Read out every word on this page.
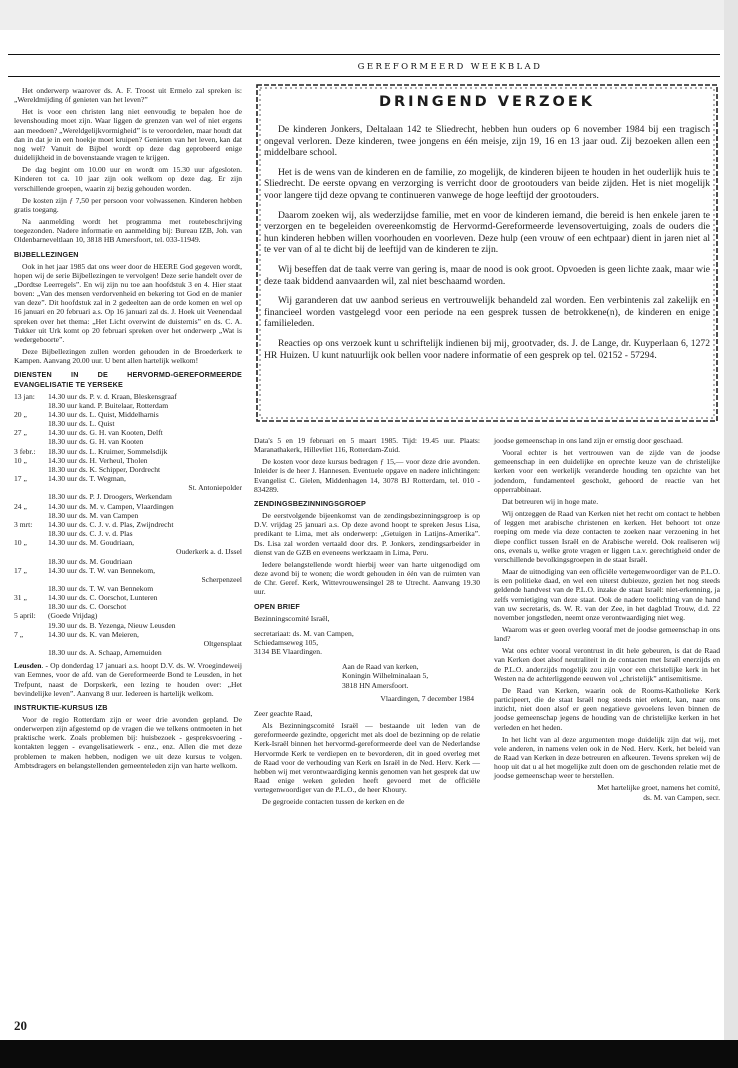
GEREFORMEERD WEEKBLAD

Het onderwerp waarover ds. A. F. Troost uit Ermelo zal spreken is: „Wereldmijding óf genieten van het leven?”

Het is voor een christen lang niet eenvoudig te bepalen hoe de levenshouding moet zijn. Waar liggen de grenzen van wel of niet ergens aan meedoen? „Wereldgelijkvormigheid” is te veroordelen, maar houdt dat dan in dat je in een hoekje moet kruipen? Genieten van het leven, kan dat nog wel? Vanuit de Bijbel wordt op deze dag geprobeerd enige duidelijkheid in de bovenstaande vragen te krijgen.

De dag begint om 10.00 uur en wordt om 15.30 uur afgesloten. Kinderen tot ca. 10 jaar zijn ook welkom op deze dag. Er zijn verschillende groepen, waarin zij bezig gehouden worden.

De kosten zijn ƒ 7,50 per persoon voor volwassenen. Kinderen hebben gratis toegang.

Na aanmelding wordt het programma met routebeschrijving toegezonden. Nadere informatie en aanmelding bij: Bureau IZB, Joh. van Oldenbarneveltlaan 10, 3818 HB Amersfoort, tel. 033-11949.

BIJBELLEZINGEN

Ook in het jaar 1985 dat ons weer door de HEERE God gegeven wordt, hopen wij de serie Bijbellezingen te vervolgen! Deze serie handelt over de „Dordtse Leerregels”. En wij zijn nu toe aan hoofdstuk 3 en 4. Hier staat boven: „Van des mensen verdorvenheid en bekering tot God en de manier van deze”. Dit hoofdstuk zal in 2 gedeelten aan de orde komen en wel op 16 januari en 20 februari a.s. Op 16 januari zal ds. J. Hoek uit Veenendaal spreken over het thema: „Het Licht overwint de duisternis” en ds. C. A. Tukker uit Urk komt op 20 februari spreken over het onderwerp „Wat is wedergeboorte”.

Deze Bijbellezingen zullen worden gehouden in de Broederkerk te Kampen. Aanvang 20.00 uur. U bent allen hartelijk welkom!

DIENSTEN IN DE HERVORMD-GEREFORMEERDE EVANGELISATIE TE YERSEKE
13 jan:	14.30 uur ds. P. v. d. Kraan, Bleskensgraaf
18.30 uur kand. P. Buitelaar, Rotterdam
20 „	14.30 uur ds. L. Quist, Middelharnis
18.30 uur ds. L. Quist
27 „	14.30 uur ds. G. H. van Kooten, Delft
18.30 uur ds. G. H. van Kooten
3 febr.:	18.30 uur ds. L. Kruimer, Sommelsdijk
10 „	14.30 uur ds. H. Verheul, Tholen
18.30 uur ds. K. Schipper, Dordrecht
17 „	14.30 uur ds. T. Wegman,
St. Antoniepolder
18.30 uur ds. P. J. Droogers, Werkendam
24 „	14.30 uur ds. M. v. Campen, Vlaardingen
18.30 uur ds. M. van Campen
3 mrt:	14.30 uur ds. C. J. v. d. Plas, Zwijndrecht
18.30 uur ds. C. J. v. d. Plas
10 „	14.30 uur ds. M. Goudriaan,
Ouderkerk a. d. IJssel
18.30 uur ds. M. Goudriaan
17 „	14.30 uur ds. T. W. van Bennekom,
Scherpenzeel
18.30 uur ds. T. W. van Bennekom
31 „	14.30 uur ds. C. Oorschot, Lunteren
18.30 uur ds. C. Oorschot
5 april:	(Goede Vrijdag)
19.30 uur ds. B. Yezenga, Nieuw Leusden
7 „	14.30 uur ds. K. van Meieren,
Oltgensplaat
18.30 uur ds. A. Schaap, Arnemuiden

Leusden. - Op donderdag 17 januari a.s. hoopt D.V. ds. W. Vroegindeweij van Eemnes, voor de afd. van de Gereformeerde Bond te Leusden, in het Trefpunt, naast de Dorpskerk, een lezing te houden over: „Het bevindelijke leven”. Aanvang 8 uur. Iedereen is hartelijk welkom.

INSTRUKTIE-KURSUS IZB

Voor de regio Rotterdam zijn er weer drie avonden gepland. De onderwerpen zijn afgestemd op de vragen die we telkens ontmoeten in het praktische werk. Zoals problemen bij: huisbezoek - gespreksvoering - kontakten leggen - evangelisatiewerk - enz., enz. Allen die met deze problemen te maken hebben, nodigen we uit deze kursus te volgen. Ambtsdragers en belangstellenden gemeenteleden zijn van harte welkom.

DRINGEND VERZOEK

De kinderen Jonkers, Deltalaan 142 te Sliedrecht, hebben hun ouders op 6 november 1984 bij een tragisch ongeval verloren. Deze kinderen, twee jongens en één meisje, zijn 19, 16 en 13 jaar oud. Zij bezoeken allen een middelbare school.

Het is de wens van de kinderen en de familie, zo mogelijk, de kinderen bijeen te houden in het ouderlijk huis te Sliedrecht. De eerste opvang en verzorging is verricht door de grootouders van beide zijden. Het is niet mogelijk voor langere tijd deze opvang te continueren vanwege de hoge leeftijd der grootouders.

Daarom zoeken wij, als wederzijdse familie, met en voor de kinderen iemand, die bereid is hen enkele jaren te verzorgen en te begeleiden overeenkomstig de Hervormd-Gereformeerde levensovertuiging, zoals de ouders die hun kinderen hebben willen voorhouden en voorleven. Deze hulp (een vrouw of een echtpaar) dient in jaren niet al te ver van of al te dicht bij de leeftijd van de kinderen te zijn.

Wij beseffen dat de taak verre van gering is, maar de nood is ook groot. Opvoeden is geen lichte zaak, maar wie deze taak biddend aanvaarden wil, zal niet beschaamd worden.

Wij garanderen dat uw aanbod serieus en vertrouwelijk behandeld zal worden. Een verbintenis zal zakelijk en financieel worden vastgelegd voor een periode na een gesprek tussen de betrokkene(n), de kinderen en enige familieleden.

Reacties op ons verzoek kunt u schriftelijk indienen bij mij, grootvader, ds. J. de Lange, dr. Kuyperlaan 6, 1272 HR Huizen. U kunt natuurlijk ook bellen voor nadere informatie of een gesprek op tel. 02152 - 57294.

Data's 5 en 19 februari en 5 maart 1985. Tijd: 19.45 uur. Plaats: Maranathakerk, Hillevliet 116, Rotterdam-Zuid.

De kosten voor deze kursus bedragen ƒ 15,— voor deze drie avonden. Inleider is de heer J. Hannesen. Eventuele opgave en nadere inlichtingen: Evangelist C. Gielen, Middenhagen 14, 3078 BJ Rotterdam, tel. 010 - 834289.

ZENDINGSBEZINNINGSGROEP

De eerstvolgende bijeenkomst van de zendingsbezinningsgroep is op D.V. vrijdag 25 januari a.s. Op deze avond hoopt te spreken Jesus Lisa, predikant te Lima, met als onderwerp: „Getuigen in Latijns-Amerika”. Ds. Lisa zal worden vertaald door drs. P. Jonkers, zendingsarbeider in dienst van de GZB en eveneens werkzaam in Lima, Peru.

Iedere belangstellende wordt hierbij weer van harte uitgenodigd om deze avond bij te wonen; die wordt gehouden in één van de ruimten van de Chr. Geref. Kerk, Wittevrouwensingel 28 te Utrecht. Aanvang 19.30 uur.

OPEN BRIEF
Bezinningscomité Israël,
secretariaat: ds. M. van Campen,
Schiedamseweg 105,
3134 BE Vlaardingen.
Aan de Raad van kerken,
Koningin Wilhelminalaan 5,
3818 HN Amersfoort.
Vlaardingen, 7 december 1984

Zeer geachte Raad,

Als Bezinningscomité Israël — bestaande uit leden van de gereformeerde gezindte, opgericht met als doel de bezinning op de relatie Kerk-Israël binnen het hervormd-gereformeerde deel van de Nederlandse Hervormde Kerk te verdiepen en te bevorderen, dit in goed overleg met de Raad voor de verhouding van Kerk en Israël in de Ned. Herv. Kerk — hebben wij met verontwaardiging kennis genomen van het gesprek dat uw Raad enige weken geleden heeft gevoerd met de officiële vertegenwoordiger van de P.L.O., de heer Khoury.

De gegroeide contacten tussen de kerken en de

joodse gemeenschap in ons land zijn er ernstig door geschaad.

Vooral echter is het vertrouwen van de zijde van de joodse gemeenschap in een duidelijke en oprechte keuze van de christelijke kerken voor een werkelijk veranderde houding ten opzichte van het jodendom, fundamenteel geschokt, gehoord de reactie van het opperrabbinaat.

Dat betreuren wij in hoge mate.

Wij ontzeggen de Raad van Kerken niet het recht om contact te hebben of leggen met arabische christenen en kerken. Het behoort tot onze roeping om mede via deze contacten te zoeken naar verzoening in het diepe conflict tussen Israël en de Arabische wereld. Ook realiseren wij ons, evenals u, welke grote vragen er liggen t.a.v. gerechtigheid onder de verschillende bevolkingsgroepen in de staat Israël.

Maar de uitnodiging van een officiële vertegenwoordiger van de P.L.O. is een politieke daad, en wel een uiterst dubieuze, gezien het nog steeds geldende handvest van de P.L.O. inzake de staat Israël: niet-erkenning, ja zelfs vernietiging van deze staat. Ook de nadere toelichting van de hand van uw secretaris, ds. W. R. van der Zee, in het dagblad Trouw, d.d. 22 november jongstleden, neemt onze verontwaardiging niet weg.

Waarom was er geen overleg vooraf met de joodse gemeenschap in ons land?

Wat ons echter vooral verontrust in dit hele gebeuren, is dat de Raad van Kerken doet alsof neutraliteit in de contacten met Israël enerzijds en de P.L.O. anderzijds mogelijk zou zijn voor een christelijke kerk in het Westen na de achterliggende eeuwen vol „christelijk” antisemitisme.

De Raad van Kerken, waarin ook de Rooms-Katholieke Kerk participeert, die de staat Israël nog steeds niet erkent, kan, naar ons inzicht, niet doen alsof er geen negatieve gevoelens leven binnen de joodse gemeenschap jegens de houding van de christelijke kerken in het verleden en het heden.

In het licht van al deze argumenten moge duidelijk zijn dat wij, met vele anderen, in namens velen ook in de Ned. Herv. Kerk, het beleid van de Raad van Kerken in deze betreuren en afkeuren. Tevens spreken wij de hoop uit dat u al het mogelijke zult doen om de geschonden relatie met de joodse gemeenschap weer te herstellen.

Met hartelijke groet, namens het comité,
ds. M. van Campen, secr.
20
